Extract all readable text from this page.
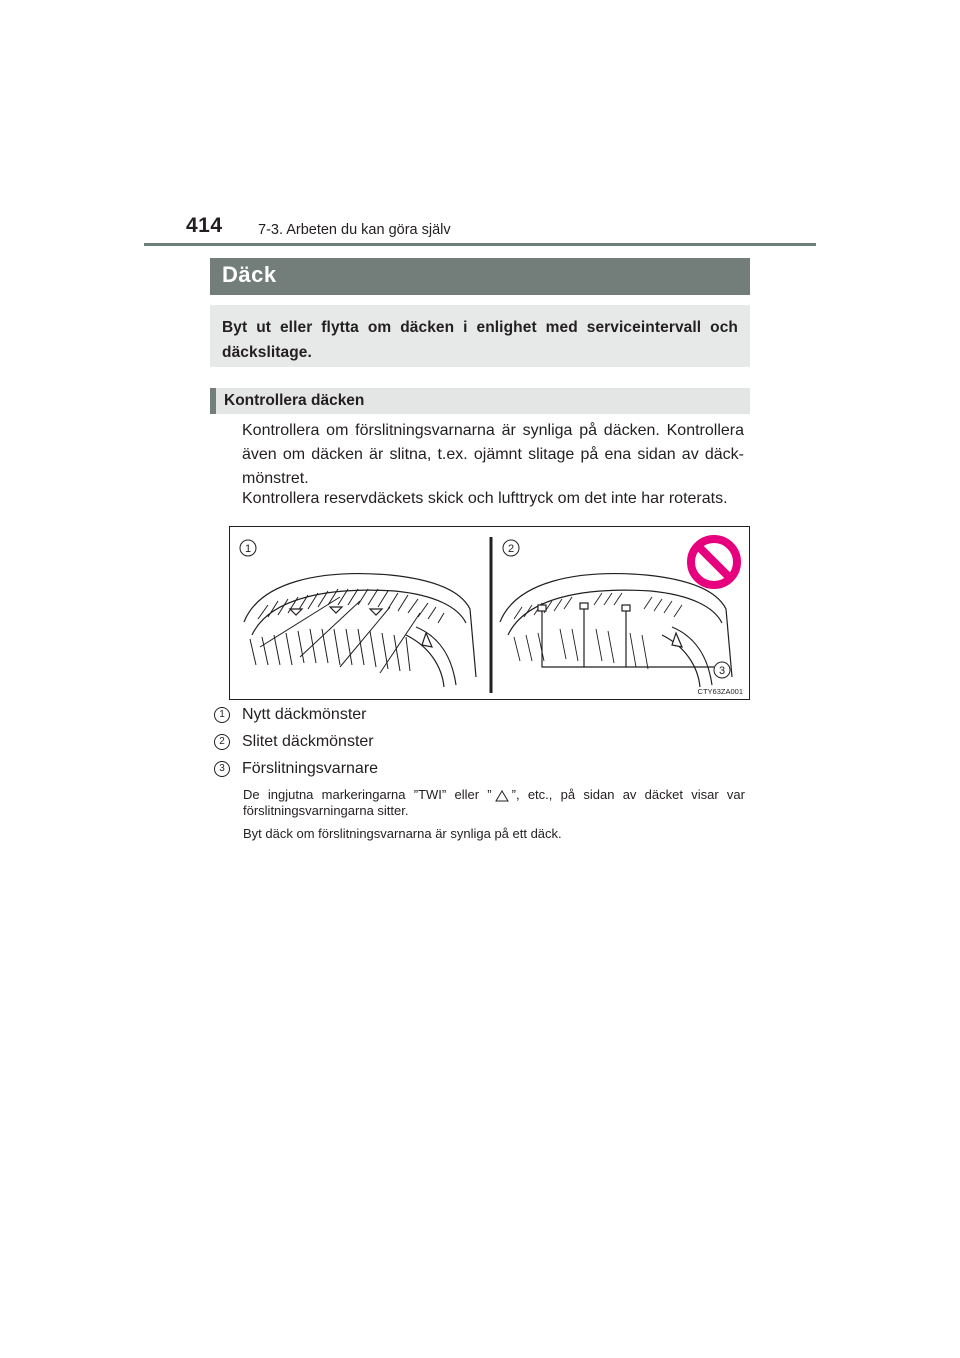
414 7-3. Arbeten du kan göra själv
Däck
Byt ut eller flytta om däcken i enlighet med serviceintervall och däckslitage.
Kontrollera däcken
Kontrollera om förslitningsvarnarna är synliga på däcken. Kontrollera även om däcken är slitna, t.ex. ojämnt slitage på ena sidan av däck-mönstret.
Kontrollera reservdäckets skick och lufttryck om det inte har roterats.
1	2
3
CTY63ZA001
1	Nytt däckmönster
2	Slitet däckmönster
3	Förslitningsvarnare
De ingjutna markeringarna ”TWI” eller ” ”, etc., på sidan av däcket visar var förslitningsvarningarna sitter.
Byt däck om förslitningsvarnarna är synliga på ett däck.
